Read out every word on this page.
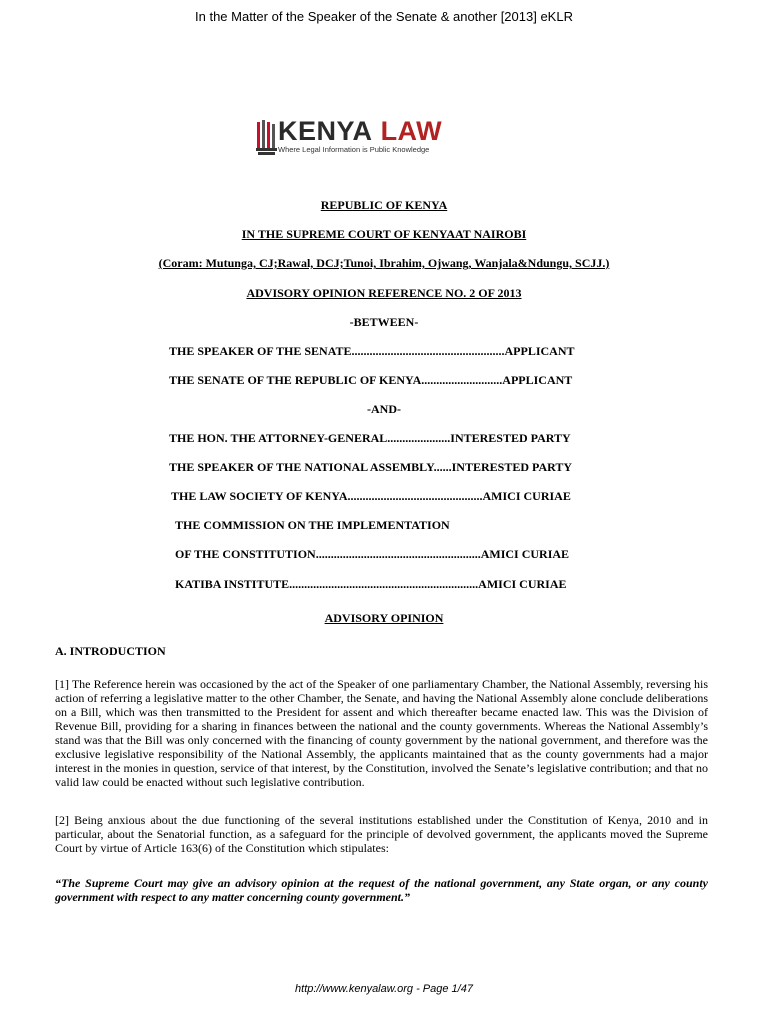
In the Matter of the Speaker of the Senate & another [2013] eKLR
KENYA LAW
Where Legal Information is Public Knowledge
REPUBLIC OF KENYA
IN THE SUPREME COURT OF KENYAAT NAIROBI
(Coram: Mutunga, CJ;Rawal, DCJ;Tunoi, Ibrahim, Ojwang, Wanjala&Ndungu, SCJJ.)
ADVISORY OPINION REFERENCE NO. 2 OF 2013
-BETWEEN-
THE SPEAKER OF THE SENATE...................................................APPLICANT
THE SENATE OF THE REPUBLIC OF KENYA...........................APPLICANT
-AND-
THE HON. THE ATTORNEY-GENERAL.....................INTERESTED PARTY
THE SPEAKER OF THE NATIONAL ASSEMBLY......INTERESTED PARTY
THE LAW SOCIETY OF KENYA.............................................AMICI CURIAE
THE COMMISSION ON THE IMPLEMENTATION
OF THE CONSTITUTION.......................................................AMICI CURIAE
KATIBA INSTITUTE...............................................................AMICI CURIAE
ADVISORY OPINION
A. INTRODUCTION
[1] The Reference herein was occasioned by the act of the Speaker of one parliamentary Chamber, the National Assembly, reversing his action of referring a legislative matter to the other Chamber, the Senate, and having the National Assembly alone conclude deliberations on a Bill, which was then transmitted to the President for assent and which thereafter became enacted law. This was the Division of Revenue Bill, providing for a sharing in finances between the national and the county governments. Whereas the National Assembly’s stand was that the Bill was only concerned with the financing of county government by the national government, and therefore was the exclusive legislative responsibility of the National Assembly, the applicants maintained that as the county governments had a major interest in the monies in question, service of that interest, by the Constitution, involved the Senate’s legislative contribution; and that no valid law could be enacted without such legislative contribution.
[2] Being anxious about the due functioning of the several institutions established under the Constitution of Kenya, 2010 and in particular, about the Senatorial function, as a safeguard for the principle of devolved government, the applicants moved the Supreme Court by virtue of Article 163(6) of the Constitution which stipulates:
“The Supreme Court may give an advisory opinion at the request of the national government, any State organ, or any county government with respect to any matter concerning county government.”
http://www.kenyalaw.org - Page 1/47
